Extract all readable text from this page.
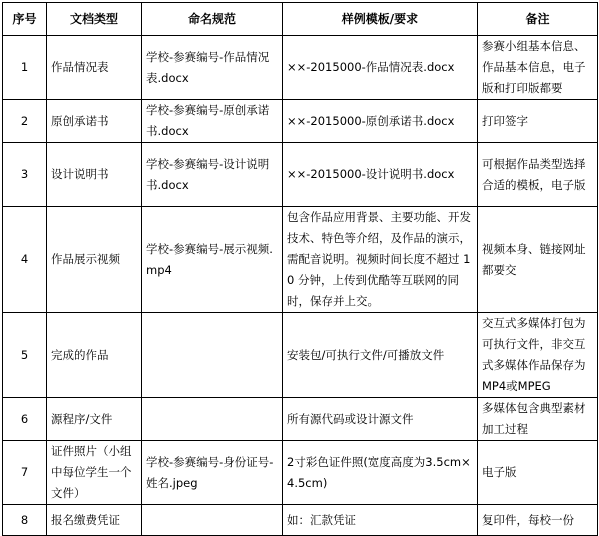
序号	文档类型	命名规范	样例模板/要求	备注
1	作品情况表	学校-参赛编号-作品情况表.docx	××-2015000-作品情况表.docx	参赛小组基本信息、作品基本信息，电子版和打印版都要
2	原创承诺书	学校-参赛编号-原创承诺书.docx	××-2015000-原创承诺书.docx	打印签字
3	设计说明书	学校-参赛编号-设计说明书.docx	××-2015000-设计说明书.docx	可根据作品类型选择合适的模板，电子版
4	作品展示视频	学校-参赛编号-展示视频.mp4	包含作品应用背景、主要功能、开发技术、特色等介绍，及作品的演示，需配音说明。视频时间长度不超过 10 分钟，上传到优酷等互联网的同时，保存并上交。	视频本身、链接网址都要交
5	完成的作品		安装包/可执行文件/可播放文件	交互式多媒体打包为可执行文件，非交互式多媒体作品保存为MP4或MPEG
6	源程序/文件		所有源代码或设计源文件	多媒体包含典型素材加工过程
7	证件照片（小组中每位学生一个文件）	学校-参赛编号-身份证号-姓名.jpeg	2寸彩色证件照(宽度高度为3.5cm×4.5cm)	电子版
8	报名缴费凭证		如：汇款凭证	复印件，每校一份
